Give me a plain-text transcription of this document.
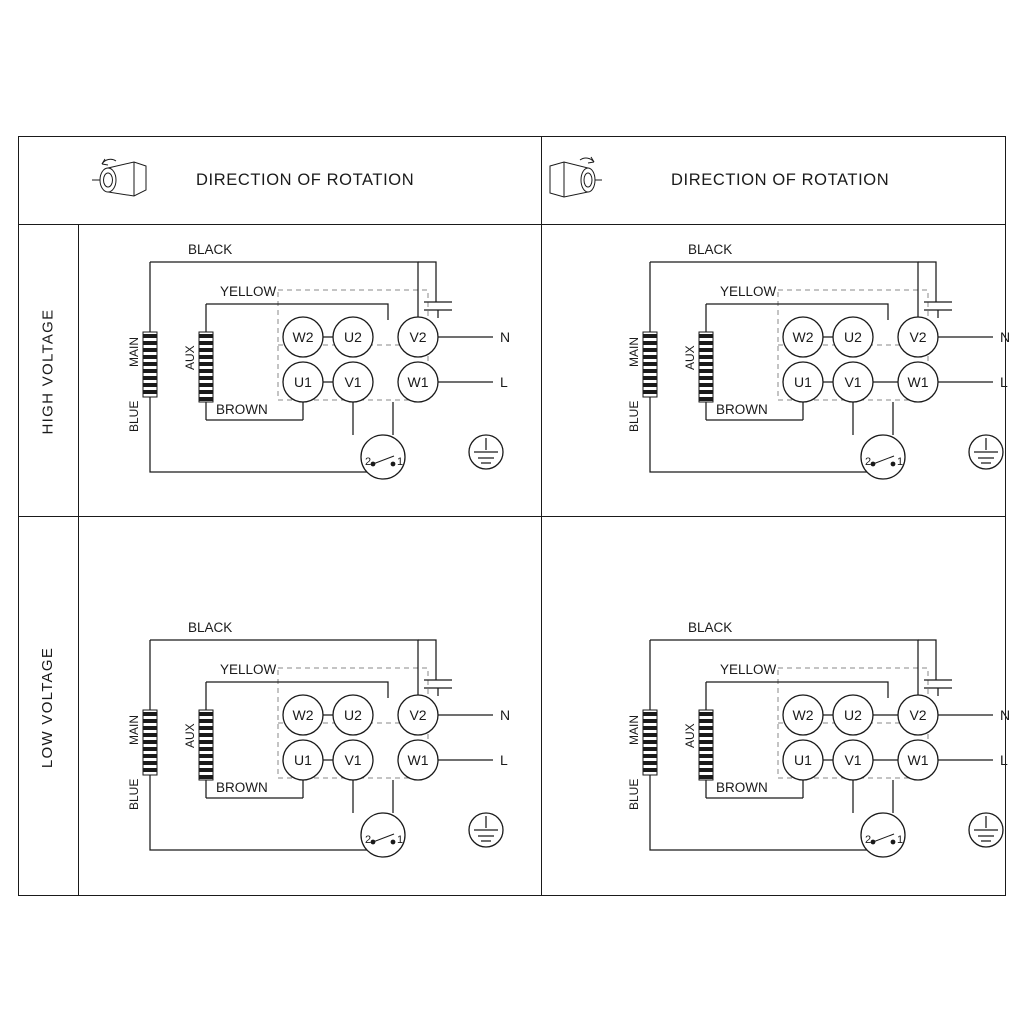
DIRECTION OF ROTATION	DIRECTION OF ROTATION
HIGH VOLTAGE
LOW VOLTAGE
W2 U2	V2
U1 V1	W1
N
L
2 1
BLACK
YELLOW
BROWN
BLUE
MAIN	AUX
W2 U2	V2
U1 V1	W1
N
L
2 1
BLACK
YELLOW
BROWN
BLUE
MAIN	AUX
W2 U2	V2
U1 V1	W1
N
L
2 1
BLACK
YELLOW
BROWN
BLUE
MAIN	AUX
W2 U2	V2
U1 V1	W1
N
L
2 1
BLACK
YELLOW
BROWN
BLUE
MAIN	AUX
